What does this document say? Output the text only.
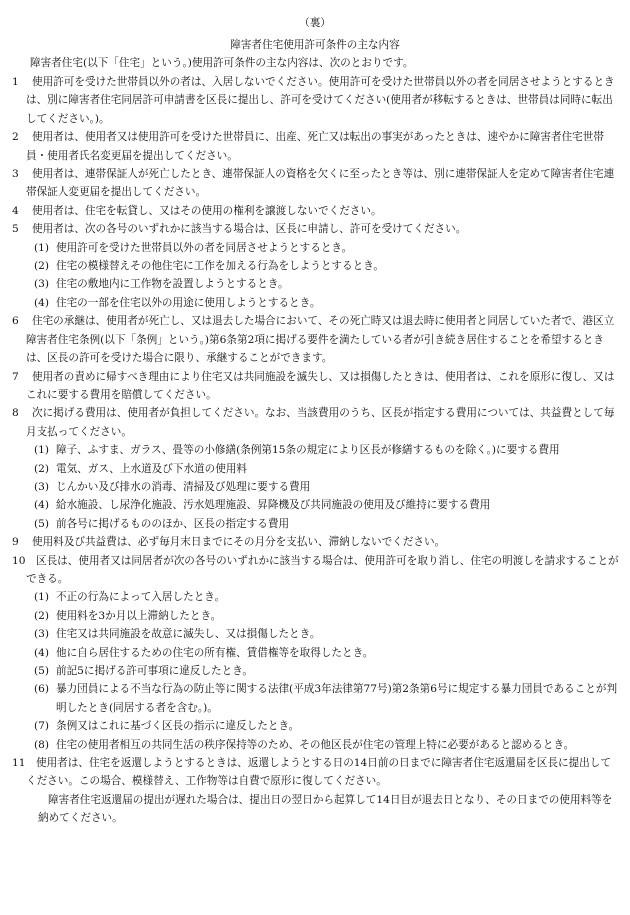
（裏）
障害者住宅使用許可条件の主な内容
障害者住宅(以下「住宅」という。)使用許可条件の主な内容は、次のとおりです。
1	使用許可を受けた世帯員以外の者は、入居しないでください。使用許可を受けた世帯員以外の者を同居させようとするときは、別に障害者住宅同居許可申請書を区長に提出し、許可を受けてください(使用者が移転するときは、世帯員は同時に転出してください。)。

2	使用者は、使用者又は使用許可を受けた世帯員に、出産、死亡又は転出の事実があったときは、速やかに障害者住宅世帯員・使用者氏名変更届を提出してください。

3	使用者は、連帯保証人が死亡したとき、連帯保証人の資格を欠くに至ったとき等は、別に連帯保証人を定めて障害者住宅連帯保証人変更届を提出してください。

4	使用者は、住宅を転貸し、又はその使用の権利を譲渡しないでください。

5	使用者は、次の各号のいずれかに該当する場合は、区長に申請し、許可を受けてください。

(1) 使用許可を受けた世帯員以外の者を同居させようとするとき。

(2) 住宅の模様替えその他住宅に工作を加える行為をしようとするとき。

(3) 住宅の敷地内に工作物を設置しようとするとき。

(4) 住宅の一部を住宅以外の用途に使用しようとするとき。

6	住宅の承継は、使用者が死亡し、又は退去した場合において、その死亡時又は退去時に使用者と同居していた者で、港区立障害者住宅条例(以下「条例」という。)第6条第2項に掲げる要件を満たしている者が引き続き居住することを希望するときは、区長の許可を受けた場合に限り、承継することができます。

7	使用者の責めに帰すべき理由により住宅又は共同施設を滅失し、又は損傷したときは、使用者は、これを原形に復し、又はこれに要する費用を賠償してください。

8	次に掲げる費用は、使用者が負担してください。なお、当該費用のうち、区長が指定する費用については、共益費として毎月支払ってください。

(1) 障子、ふすま、ガラス、畳等の小修繕(条例第15条の規定により区長が修繕するものを除く。)に要する費用

(2) 電気、ガス、上水道及び下水道の使用料

(3) じんかい及び排水の消毒、清掃及び処理に要する費用

(4) 給水施設、し尿浄化施設、汚水処理施設、昇降機及び共同施設の使用及び維持に要する費用

(5) 前各号に掲げるもののほか、区長の指定する費用

9	使用料及び共益費は、必ず毎月末日までにその月分を支払い、滞納しないでください。

10 区長は、使用者又は同居者が次の各号のいずれかに該当する場合は、使用許可を取り消し、住宅の明渡しを請求することができる。

(1) 不正の行為によって入居したとき。

(2) 使用料を3か月以上滞納したとき。

(3) 住宅又は共同施設を故意に滅失し、又は損傷したとき。

(4) 他に自ら居住するための住宅の所有権、賃借権等を取得したとき。

(5) 前記5に掲げる許可事項に違反したとき。

(6) 暴力団員による不当な行為の防止等に関する法律(平成3年法律第77号)第2条第6号に規定する暴力団員であることが判明したとき(同居する者を含む。)。

(7) 条例又はこれに基づく区長の指示に違反したとき。

(8) 住宅の使用者相互の共同生活の秩序保持等のため、その他区長が住宅の管理上特に必要があると認めるとき。

11 使用者は、住宅を返還しようとするときは、返還しようとする日の14日前の日までに障害者住宅返還届を区長に提出してください。この場合、模様替え、工作物等は自費で原形に復してください。

障害者住宅返還届の提出が遅れた場合は、提出日の翌日から起算して14日目が退去日となり、その日までの使用料等を納めてください。
